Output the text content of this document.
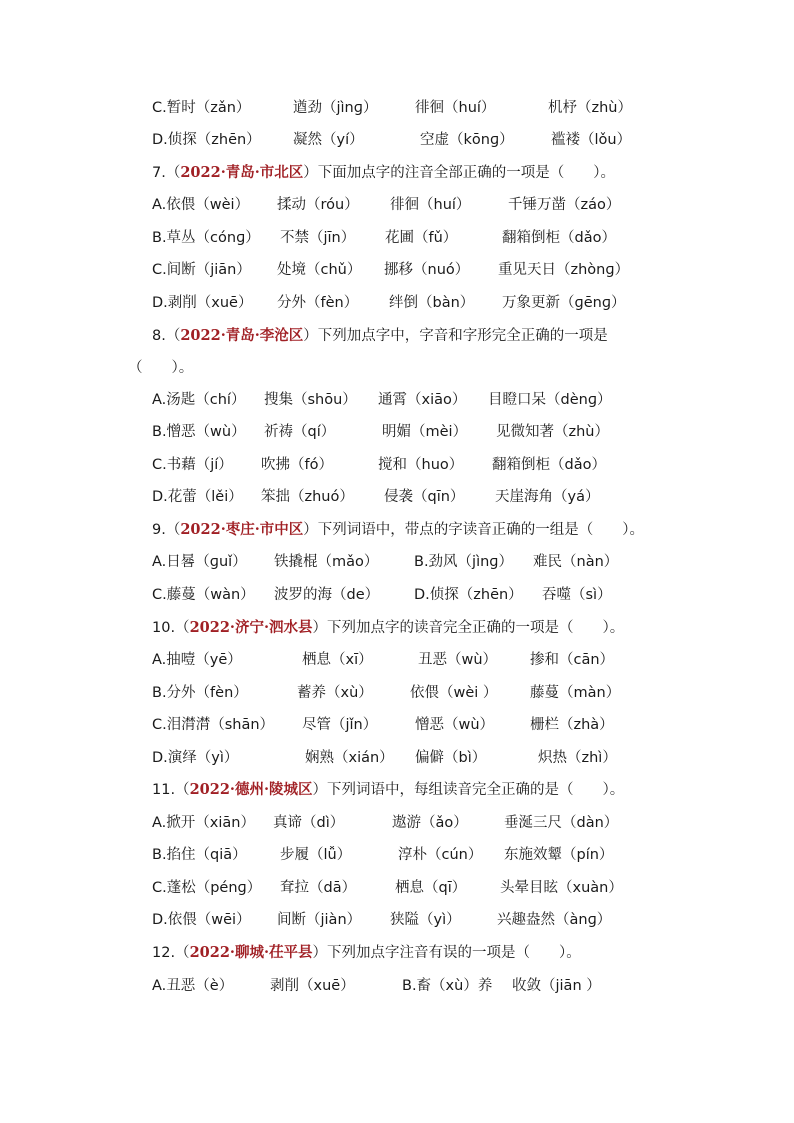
C.暂时（zǎn）	遒劲（jìnɡ）	徘徊（huí）	机杼（zhù）
D.侦探（zhēn） 凝然（yí）	空虚（kōnɡ）	褴褛（lǒu）
7.（2022·青岛·市北区）下面加点字的注音全部正确的一项是（　　）。
A.依偎（wèi） 揉动（róu） 徘徊（huí）	千锤万凿（záo）
B.草丛（cónɡ） 不禁（jīn） 花圃（fǔ）	翻箱倒柜（dǎo）
C.间断（jiān） 处境（chǔ） 挪移（nuó） 重见天日（zhònɡ）
D.剥削（xuē） 分外（fèn） 绊倒（bàn） 万象更新（ɡēnɡ）
8.（2022·青岛·李沧区）下列加点字中，字音和字形完全正确的一项是
（　　）。
A.汤匙（chí） 搜集（shōu） 通霄（xiāo） 目瞪口呆（dènɡ）
B.憎恶（wù） 祈祷（qí）	明媚（mèi） 见微知著（zhù）
C.书藉（jí） 吹拂（fó）	搅和（huo） 翻箱倒柜（dǎo）
D.花蕾（lěi） 笨拙（zhuó） 侵袭（qīn） 天崖海角（yá）
9.（2022·枣庄·市中区）下列词语中，带点的字读音正确的一组是（　　）。
A.日晷（ɡuǐ） 铁撬棍（mǎo） B.劲风（jìnɡ） 难民（nàn）
C.藤蔓（wàn） 波罗的海（de） D.侦探（zhēn） 吞噬（sì）
10.（2022·济宁·泗水县）下列加点字的读音完全正确的一项是（　　）。
A.抽噎（yē）	栖息（xī）	丑恶（wù） 掺和（cān）
B.分外（fèn）	蓄养（xù）	依偎（wèi ） 藤蔓（màn）
C.泪潸潸（shān） 尽管（jǐn）	憎恶（wù） 栅栏（zhà）
D.演绎（yì）	娴熟（xián） 偏僻（bì）	炽热（zhì）
11.（2022·德州·陵城区）下列词语中，每组读音完全正确的是（　　）。
A.掀开（xiān） 真谛（dì）	遨游（ǎo） 垂涎三尺（dàn）
B.掐住（qiā） 步履（lǚ）	淳朴（cún） 东施效颦（pín）
C.蓬松（pénɡ） 耷拉（dā）	栖息（qī） 头晕目眩（xuàn）
D.依偎（wēi） 间断（jiàn） 狭隘（yì）	兴趣盎然（ànɡ）
12.（2022·聊城·茌平县）下列加点字注音有误的一项是（　　）。
A.丑恶（è）	剥削（xuē）	B.畜（xù）养 收敛（jiān ）
